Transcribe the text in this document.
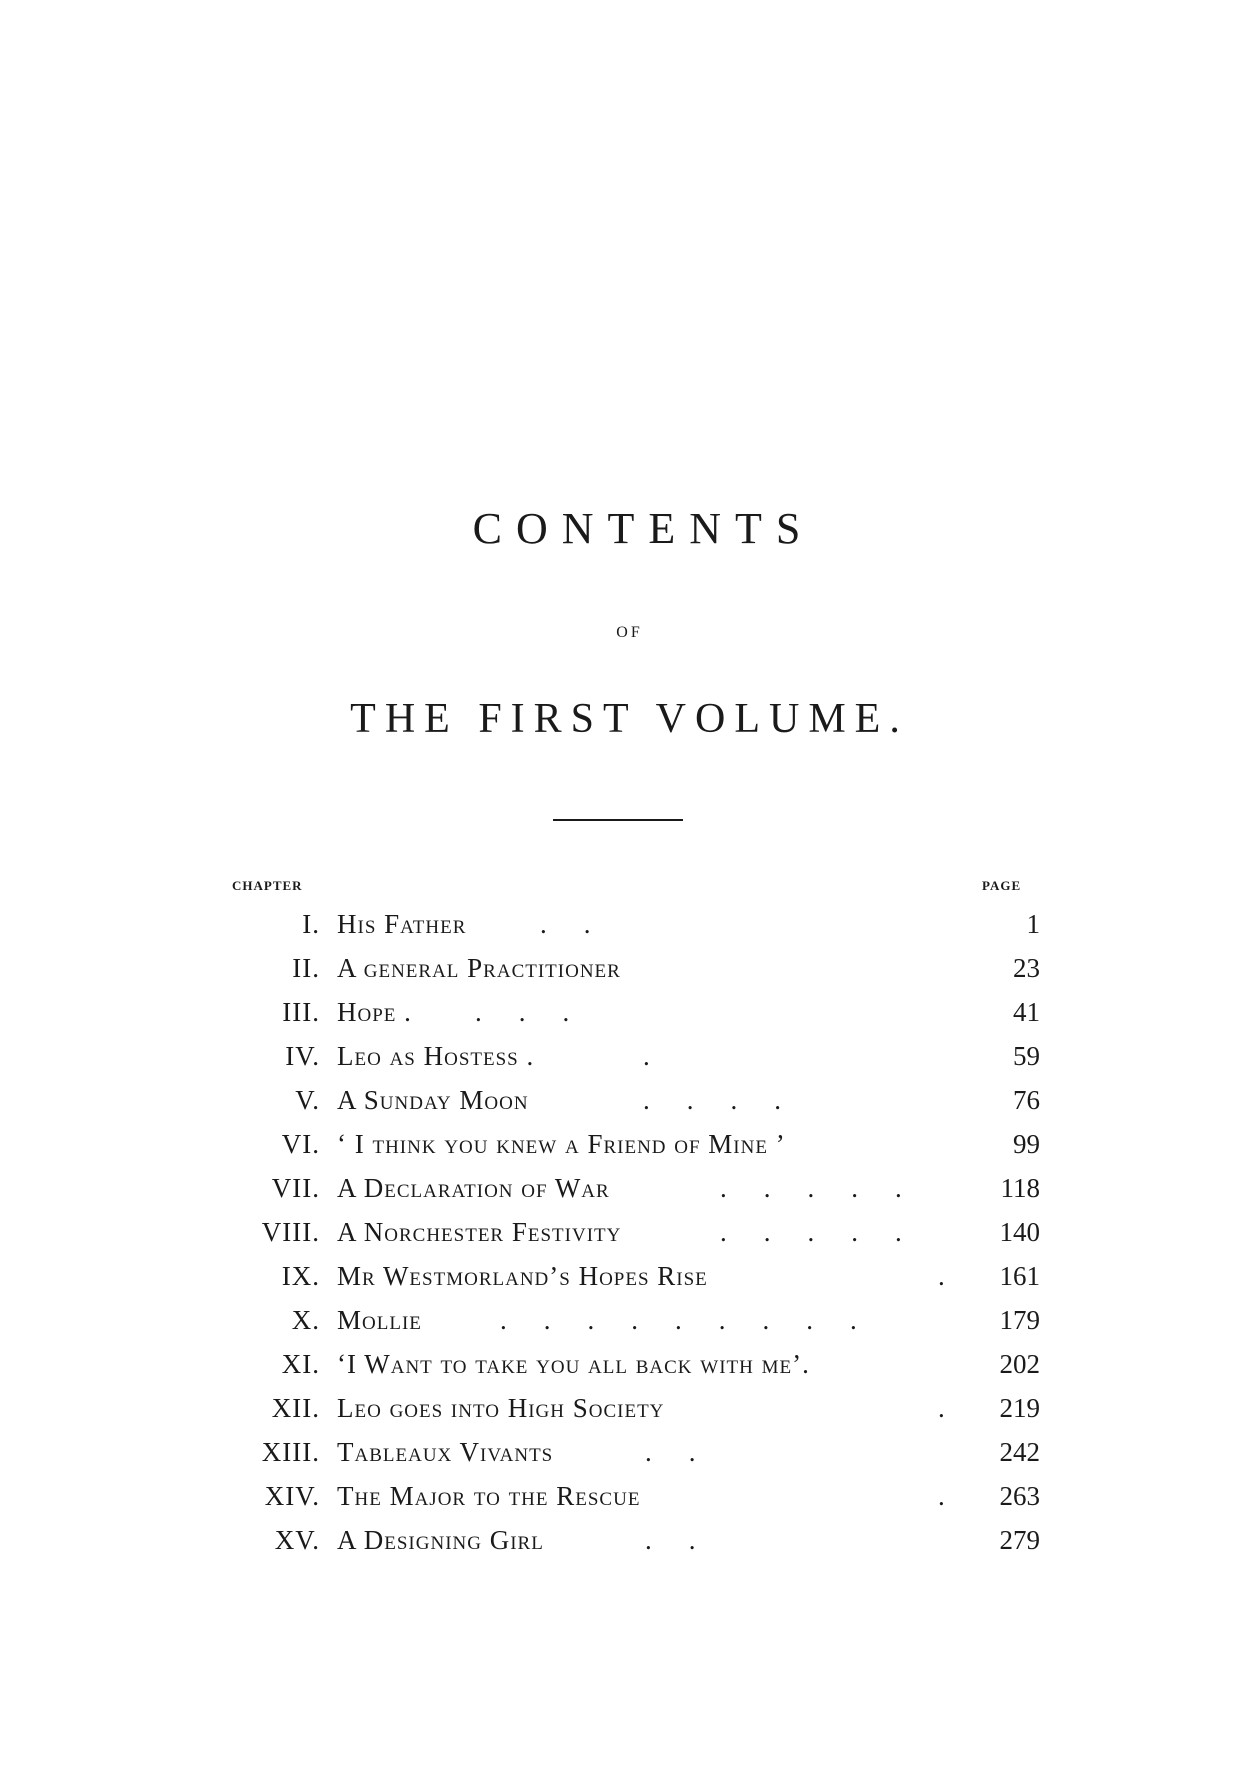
CONTENTS
OF
THE FIRST VOLUME.
CHAPTER	PAGE
I. His Father	.    .	1
II. A general Practitioner	23
III. Hope . .    .    .	41
IV. Leo as Hostess .	.	59
V. A Sunday Moon	.    .    .    .	76
VI. ‘ I think you knew a Friend of Mine ’	99
VII. A Declaration of War	.    .    .    .    .	118
VIII. A Norchester Festivity	.    .    .    .    .	140
IX. Mr Westmorland’s Hopes Rise	.	161
X. Mollie	.    .    .    .    .    .    .    .    .	179
XI. ‘I Want to take you all back with me’.	202
XII. Leo goes into High Society	.	219
XIII. Tableaux Vivants	.    .	242
XIV. The Major to the Rescue	.	263
XV. A Designing Girl	.    .	279
